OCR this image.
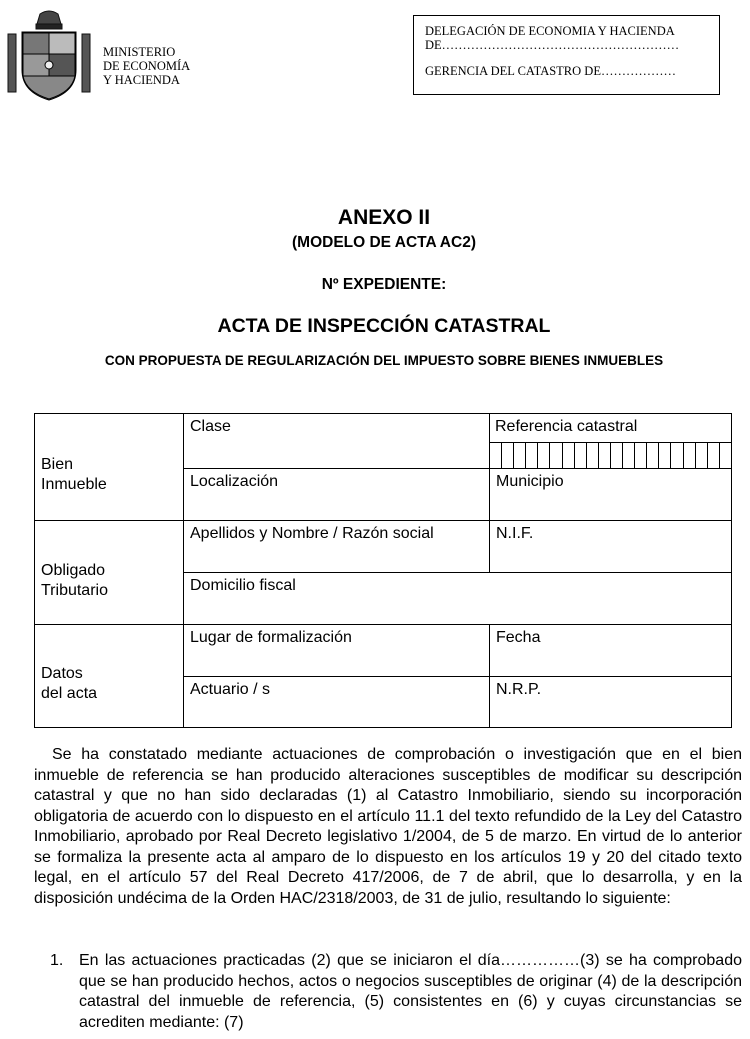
MINISTERIO
DE ECONOMÍA
Y HACIENDA
DELEGACIÓN DE ECONOMIA Y HACIENDA
DE…………………………………………………
GERENCIA DEL CATASTRO DE………………
ANEXO II
(MODELO DE ACTA AC2)
Nº EXPEDIENTE:
ACTA DE INSPECCIÓN CATASTRAL
CON PROPUESTA DE REGULARIZACIÓN DEL IMPUESTO SOBRE BIENES INMUEBLES
Bien
Inmueble	Clase	Referencia catastral

	Localización	Municipio

Obligado
Tributario	Apellidos y Nombre / Razón social	N.I.F.
	Domicilio fiscal	

Datos
del acta	Lugar de formalización	Fecha
	Actuario / s	N.R.P.

Se ha constatado mediante actuaciones de comprobación o investigación que en el bien inmueble de referencia se han producido alteraciones susceptibles de modificar su descripción catastral y que no han sido declaradas (1) al Catastro Inmobiliario, siendo su incorporación obligatoria de acuerdo con lo dispuesto en el artículo 11.1 del texto refundido de la Ley del Catastro Inmobiliario, aprobado por Real Decreto legislativo 1/2004, de 5 de marzo. En virtud de lo anterior se formaliza la presente acta al amparo de lo dispuesto en los artículos 19 y 20 del citado texto legal, en el artículo 57 del Real Decreto 417/2006, de 7 de abril, que lo desarrolla, y en la disposición undécima de la Orden HAC/2318/2003, de 31 de julio, resultando lo siguiente:

1. En las actuaciones practicadas (2) que se iniciaron el día……………(3) se ha comprobado que se han producido hechos, actos o negocios susceptibles de originar (4) de la descripción catastral del inmueble de referencia, (5) consistentes en (6) y cuyas circunstancias se acrediten mediante: (7)
